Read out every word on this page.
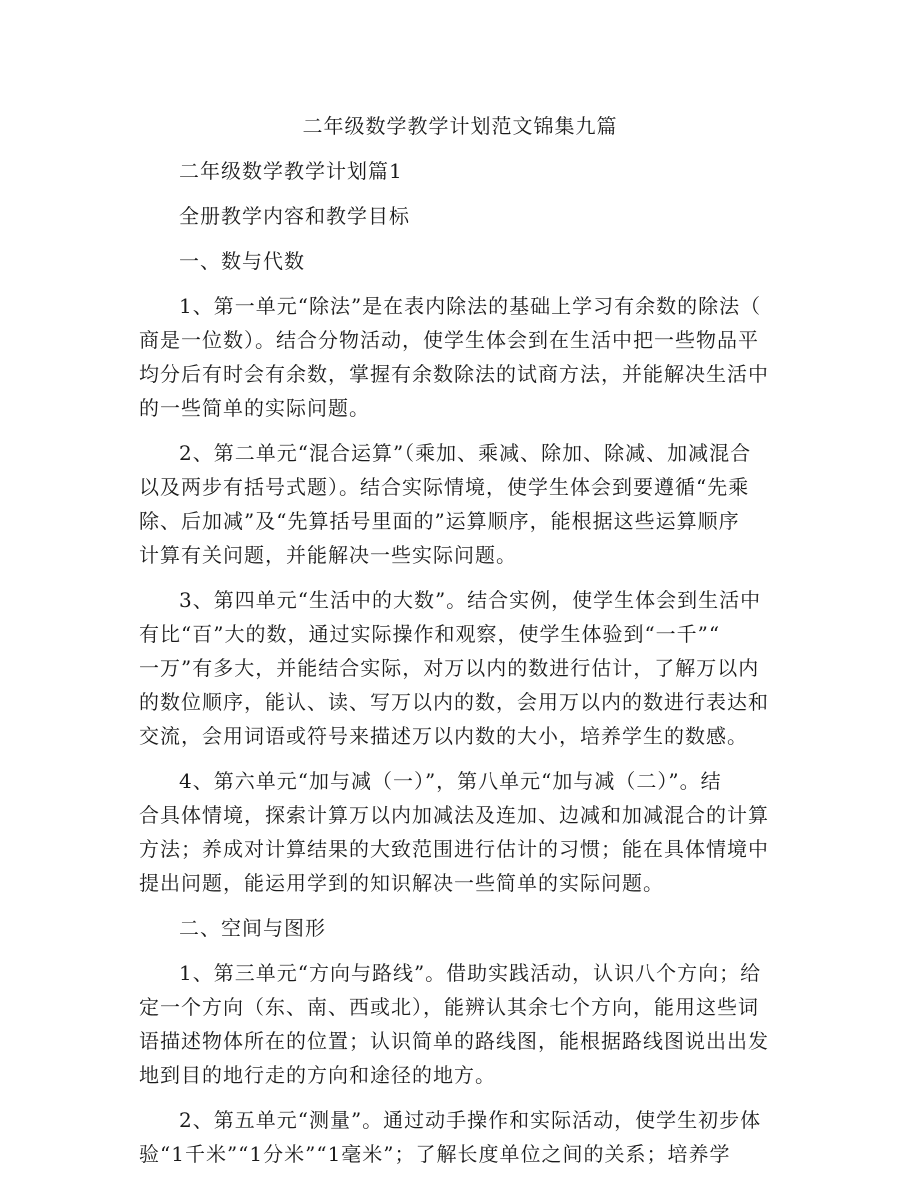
二年级数学教学计划范文锦集九篇
二年级数学教学计划篇1
全册教学内容和教学目标
一、数与代数
1、第一单元“除法”是在表内除法的基础上学习有余数的除法（
商是一位数）。结合分物活动，使学生体会到在生活中把一些物品平
均分后有时会有余数，掌握有余数除法的试商方法，并能解决生活中
的一些简单的实际问题。
2、第二单元“混合运算”（乘加、乘减、除加、除减、加减混合
以及两步有括号式题）。结合实际情境，使学生体会到要遵循“先乘
除、后加减”及“先算括号里面的”运算顺序，能根据这些运算顺序
计算有关问题，并能解决一些实际问题。
3、第四单元“生活中的大数”。结合实例，使学生体会到生活中
有比“百”大的数，通过实际操作和观察，使学生体验到“一千”“
一万”有多大，并能结合实际，对万以内的数进行估计，了解万以内
的数位顺序，能认、读、写万以内的数，会用万以内的数进行表达和
交流，会用词语或符号来描述万以内数的大小，培养学生的数感。
4、第六单元“加与减（一）”，第八单元“加与减（二）”。结
合具体情境，探索计算万以内加减法及连加、边减和加减混合的计算
方法；养成对计算结果的大致范围进行估计的习惯；能在具体情境中
提出问题，能运用学到的知识解决一些简单的实际问题。
二、空间与图形
1、第三单元“方向与路线”。借助实践活动，认识八个方向；给
定一个方向（东、南、西或北），能辨认其余七个方向，能用这些词
语描述物体所在的位置；认识简单的路线图，能根据路线图说出出发
地到目的地行走的方向和途径的地方。
2、第五单元“测量”。通过动手操作和实际活动，使学生初步体
验“1千米”“1分米”“1毫米”；了解长度单位之间的关系；培养学
